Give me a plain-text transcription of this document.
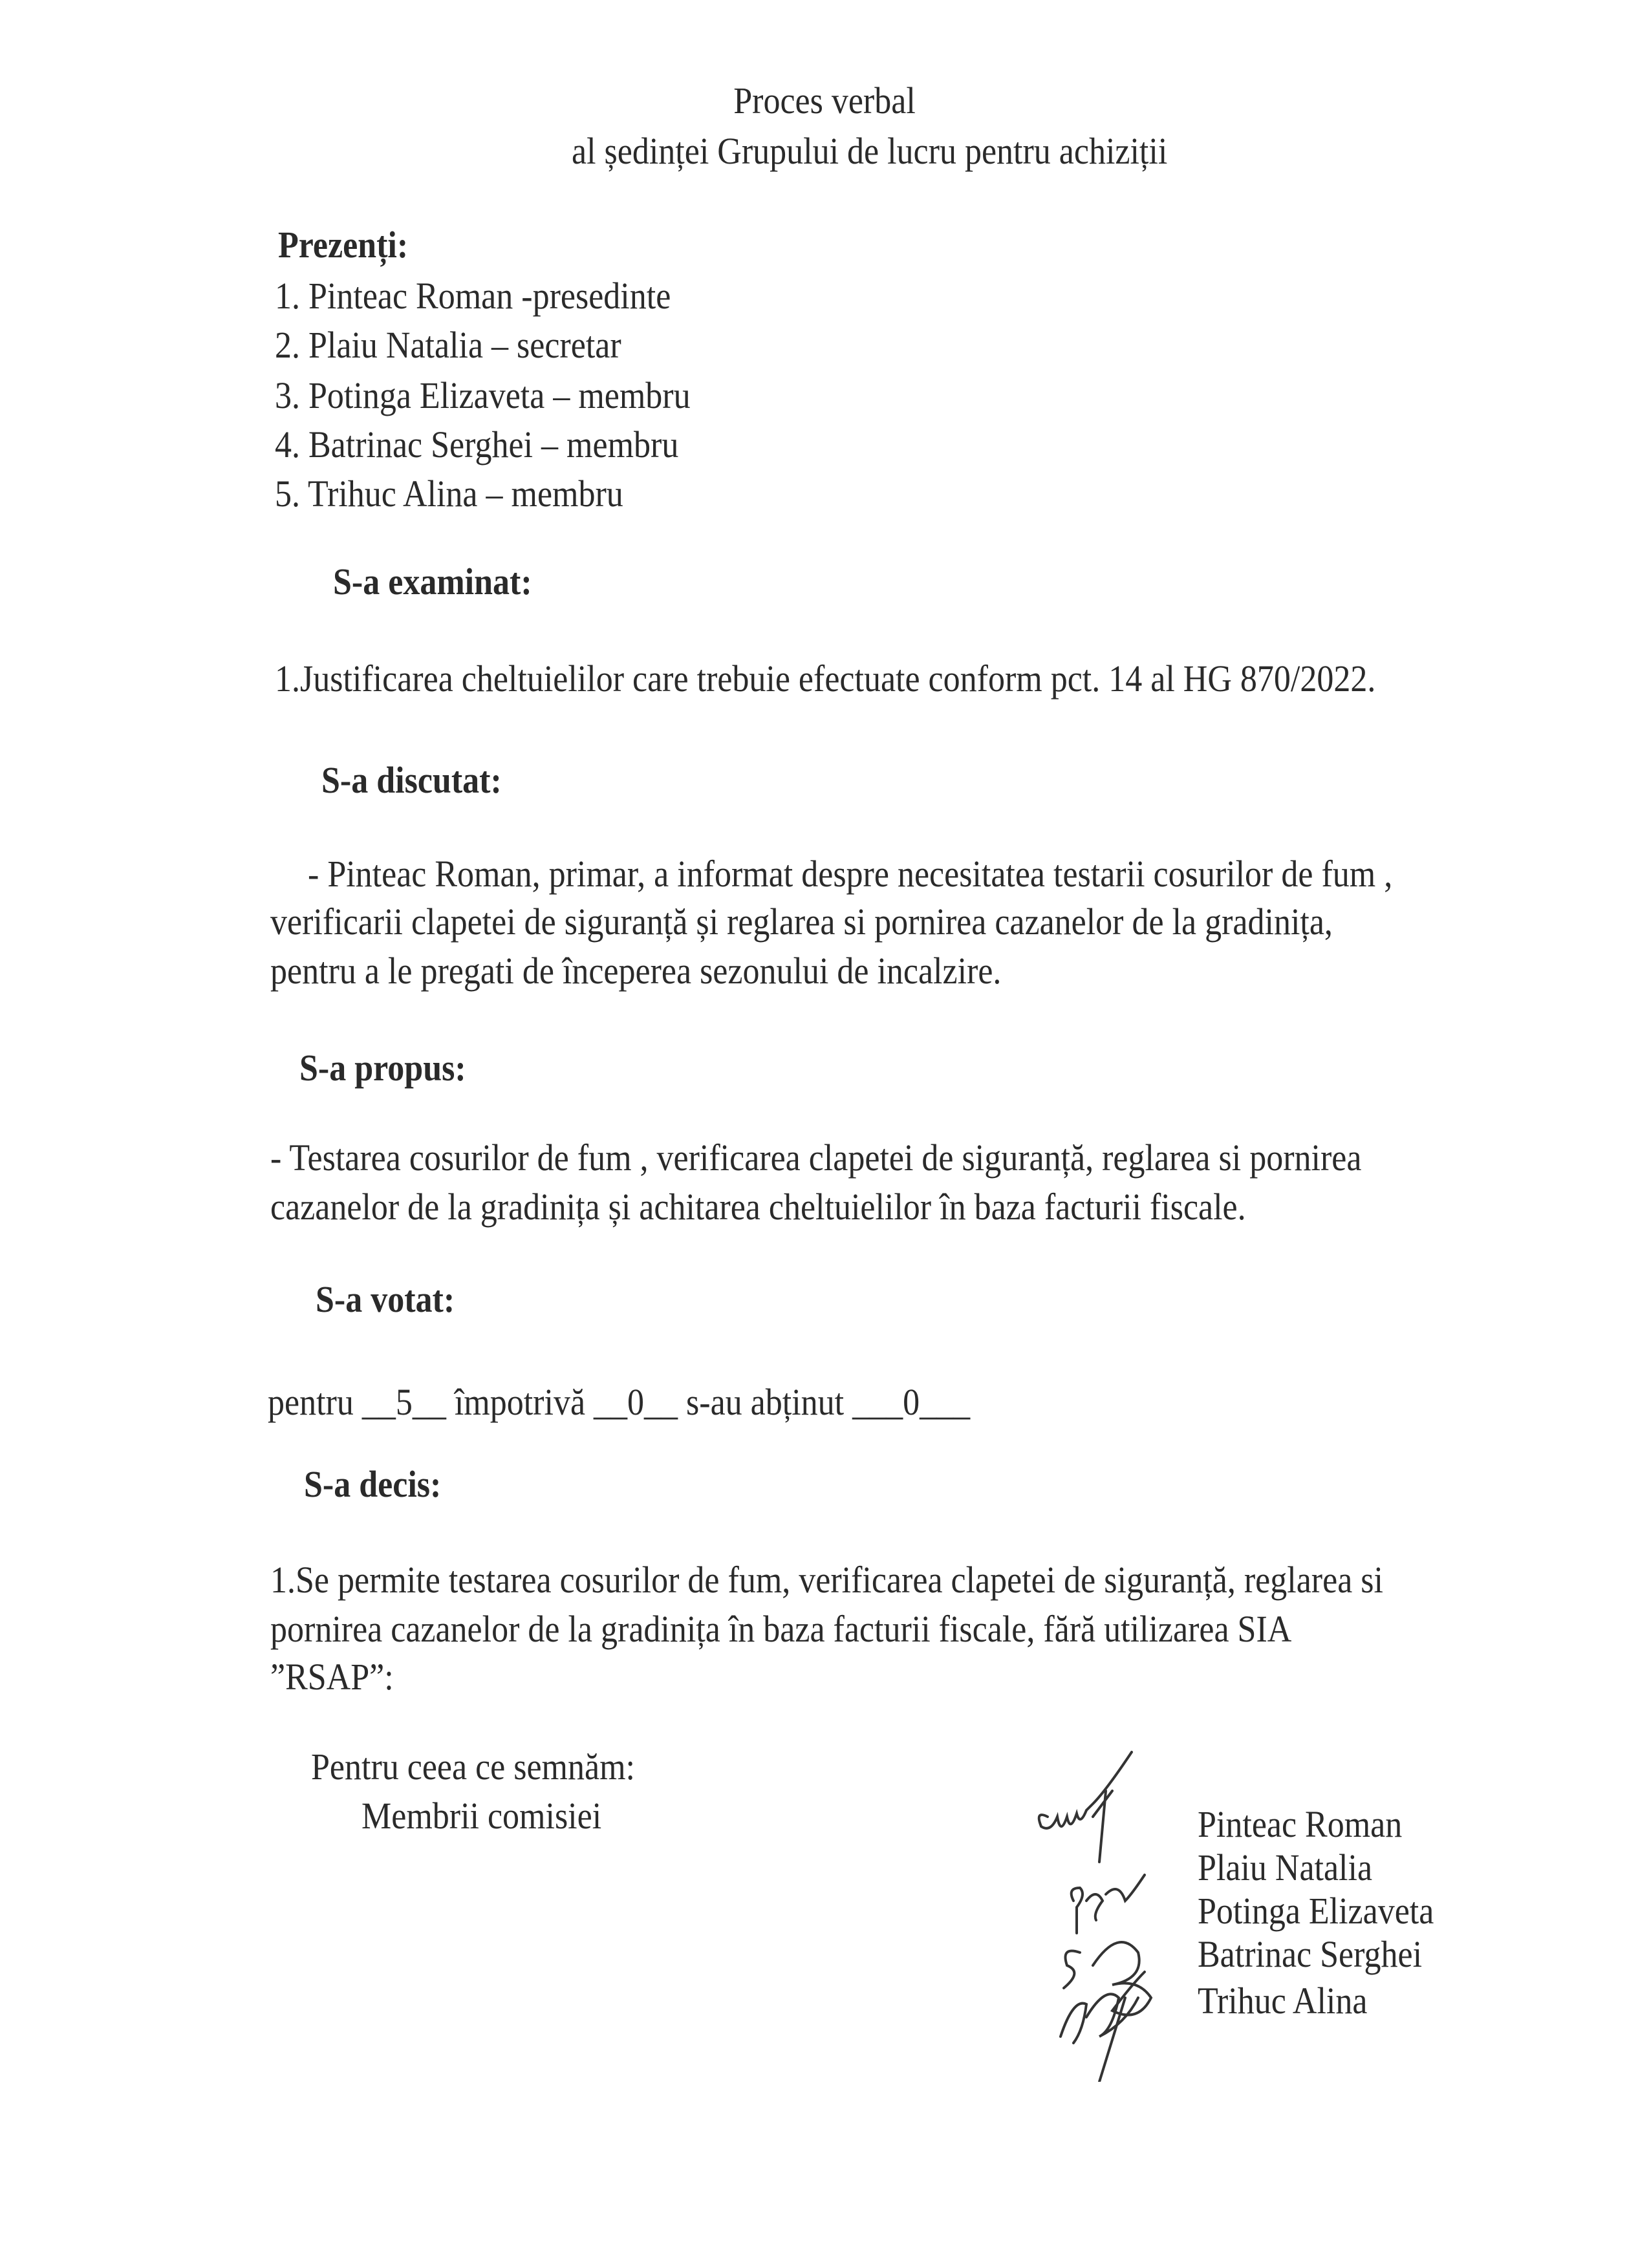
Proces verbal
al ședinței Grupului de lucru pentru achiziții
Prezenți:
1. Pinteac Roman -presedinte
2. Plaiu Natalia – secretar
3. Potinga Elizaveta – membru
4. Batrinac Serghei – membru
5. Trihuc Alina – membru
S-a examinat:
1.Justificarea cheltuielilor care trebuie efectuate conform pct. 14 al HG 870/2022.
S-a discutat:
- Pinteac Roman, primar, a informat despre necesitatea testarii cosurilor de fum ,
verificarii clapetei de siguranță și reglarea si pornirea cazanelor de la gradinița,
pentru a le pregati de începerea sezonului de incalzire.
S-a propus:
- Testarea cosurilor de fum , verificarea clapetei de siguranță, reglarea si pornirea
cazanelor de la gradinița și achitarea cheltuielilor în baza facturii fiscale.
S-a votat:
pentru __5__ împotrivă __0__ s-au abținut ___0___
S-a decis:
1.Se permite testarea cosurilor de fum, verificarea clapetei de siguranță, reglarea si
pornirea cazanelor de la gradinița în baza facturii fiscale, fără utilizarea SIA
”RSAP”:
Pentru ceea ce semnăm:
Membrii comisiei	Pinteac Roman
Plaiu Natalia
Potinga Elizaveta
Batrinac Serghei
Trihuc Alina
